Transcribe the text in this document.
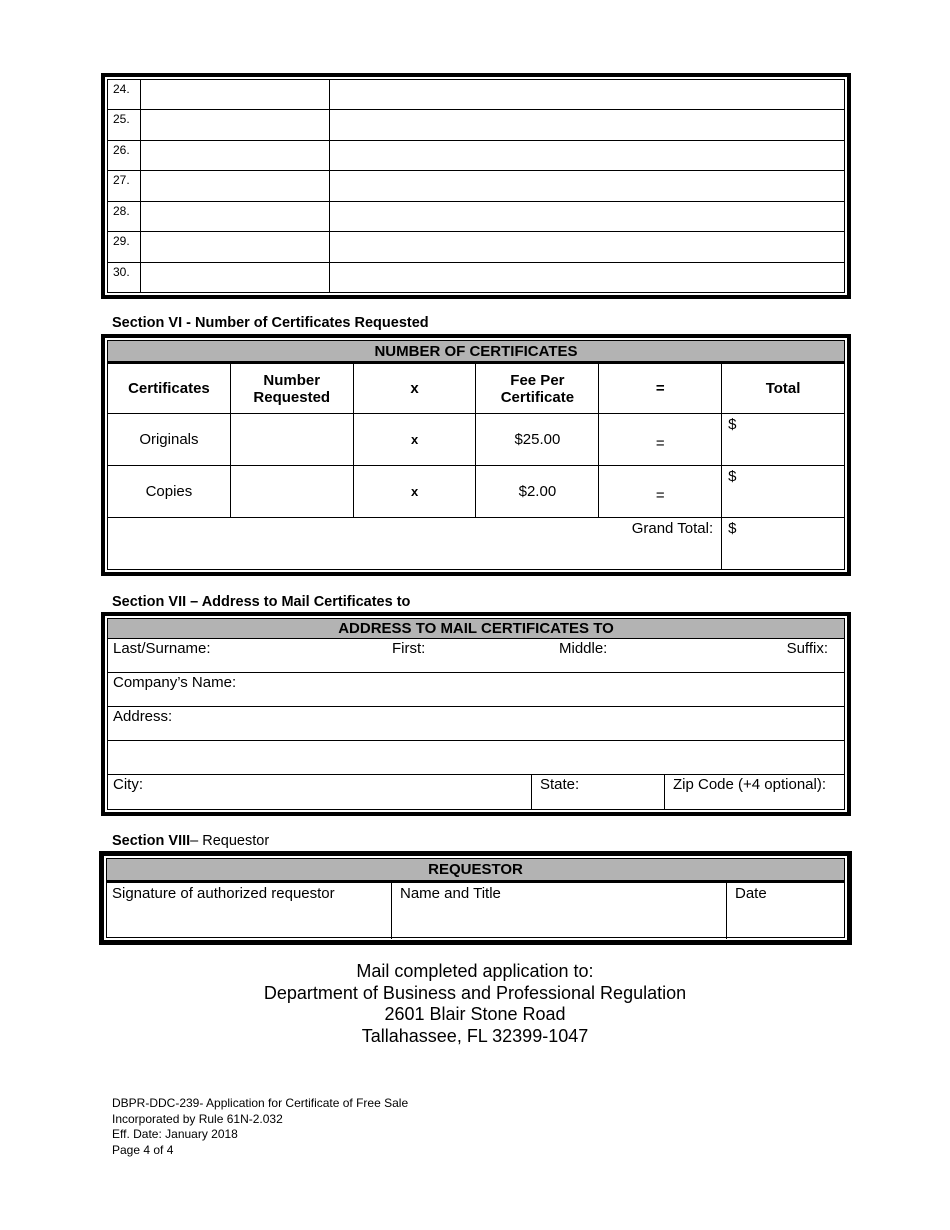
24.		
25.		
26.		
27.		
28.		
29.		
30.		
Section VI - Number of Certificates Requested
NUMBER OF CERTIFICATES					
Certificates	Number Requested	x	Fee Per Certificate	=	Total
Originals		x	$25.00	=	$
Copies		x	$2.00	=	$
Grand Total:					$
Section VII – Address to Mail Certificates to
ADDRESS TO MAIL CERTIFICATES TO
Last/Surname:	First:	Middle:	Suffix:
Company’s Name:
Address:
City:	State:	Zip Code (+4 optional):
Section VIII– Requestor
REQUESTOR
Signature of authorized requestor	Name and Title	Date
Mail completed application to:
Department of Business and Professional Regulation
2601 Blair Stone Road
Tallahassee, FL 32399-1047
DBPR-DDC-239- Application for Certificate of Free Sale
Incorporated by Rule 61N-2.032
Eff. Date: January 2018
Page 4 of 4
